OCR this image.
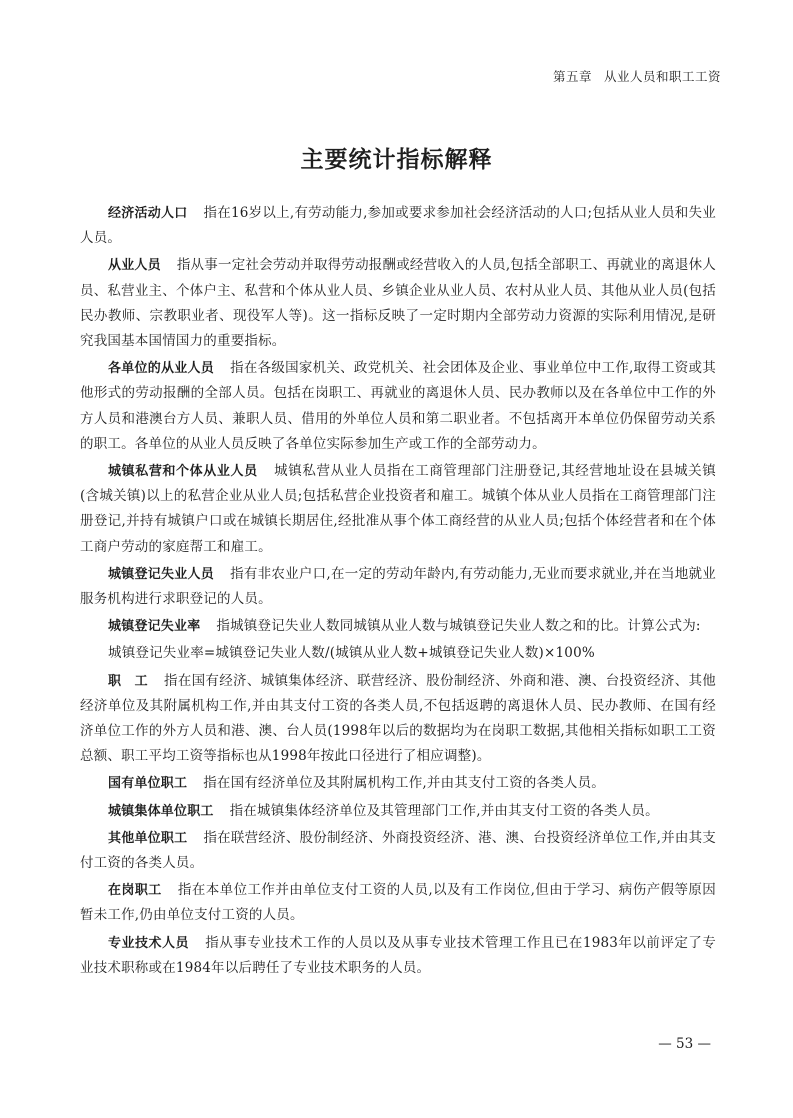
第五章 从业人员和职工工资
主要统计指标解释

经济活动人口 指在16岁以上,有劳动能力,参加或要求参加社会经济活动的人口;包括从业人员和失业人员。

从业人员 指从事一定社会劳动并取得劳动报酬或经营收入的人员,包括全部职工、再就业的离退休人员、私营业主、个体户主、私营和个体从业人员、乡镇企业从业人员、农村从业人员、其他从业人员(包括民办教师、宗教职业者、现役军人等)。这一指标反映了一定时期内全部劳动力资源的实际利用情况,是研究我国基本国情国力的重要指标。

各单位的从业人员 指在各级国家机关、政党机关、社会团体及企业、事业单位中工作,取得工资或其他形式的劳动报酬的全部人员。包括在岗职工、再就业的离退休人员、民办教师以及在各单位中工作的外方人员和港澳台方人员、兼职人员、借用的外单位人员和第二职业者。不包括离开本单位仍保留劳动关系的职工。各单位的从业人员反映了各单位实际参加生产或工作的全部劳动力。

城镇私营和个体从业人员 城镇私营从业人员指在工商管理部门注册登记,其经营地址设在县城关镇(含城关镇)以上的私营企业从业人员;包括私营企业投资者和雇工。城镇个体从业人员指在工商管理部门注册登记,并持有城镇户口或在城镇长期居住,经批准从事个体工商经营的从业人员;包括个体经营者和在个体工商户劳动的家庭帮工和雇工。

城镇登记失业人员 指有非农业户口,在一定的劳动年龄内,有劳动能力,无业而要求就业,并在当地就业服务机构进行求职登记的人员。

城镇登记失业率 指城镇登记失业人数同城镇从业人数与城镇登记失业人数之和的比。计算公式为:

城镇登记失业率=城镇登记失业人数/(城镇从业人数+城镇登记失业人数)×100%

职　工 指在国有经济、城镇集体经济、联营经济、股份制经济、外商和港、澳、台投资经济、其他经济单位及其附属机构工作,并由其支付工资的各类人员,不包括返聘的离退休人员、民办教师、在国有经济单位工作的外方人员和港、澳、台人员(1998年以后的数据均为在岗职工数据,其他相关指标如职工工资总额、职工平均工资等指标也从1998年按此口径进行了相应调整)。

国有单位职工 指在国有经济单位及其附属机构工作,并由其支付工资的各类人员。

城镇集体单位职工 指在城镇集体经济单位及其管理部门工作,并由其支付工资的各类人员。

其他单位职工 指在联营经济、股份制经济、外商投资经济、港、澳、台投资经济单位工作,并由其支付工资的各类人员。

在岗职工 指在本单位工作并由单位支付工资的人员,以及有工作岗位,但由于学习、病伤产假等原因暂未工作,仍由单位支付工资的人员。

专业技术人员 指从事专业技术工作的人员以及从事专业技术管理工作且已在1983年以前评定了专业技术职称或在1984年以后聘任了专业技术职务的人员。

— 53 —
